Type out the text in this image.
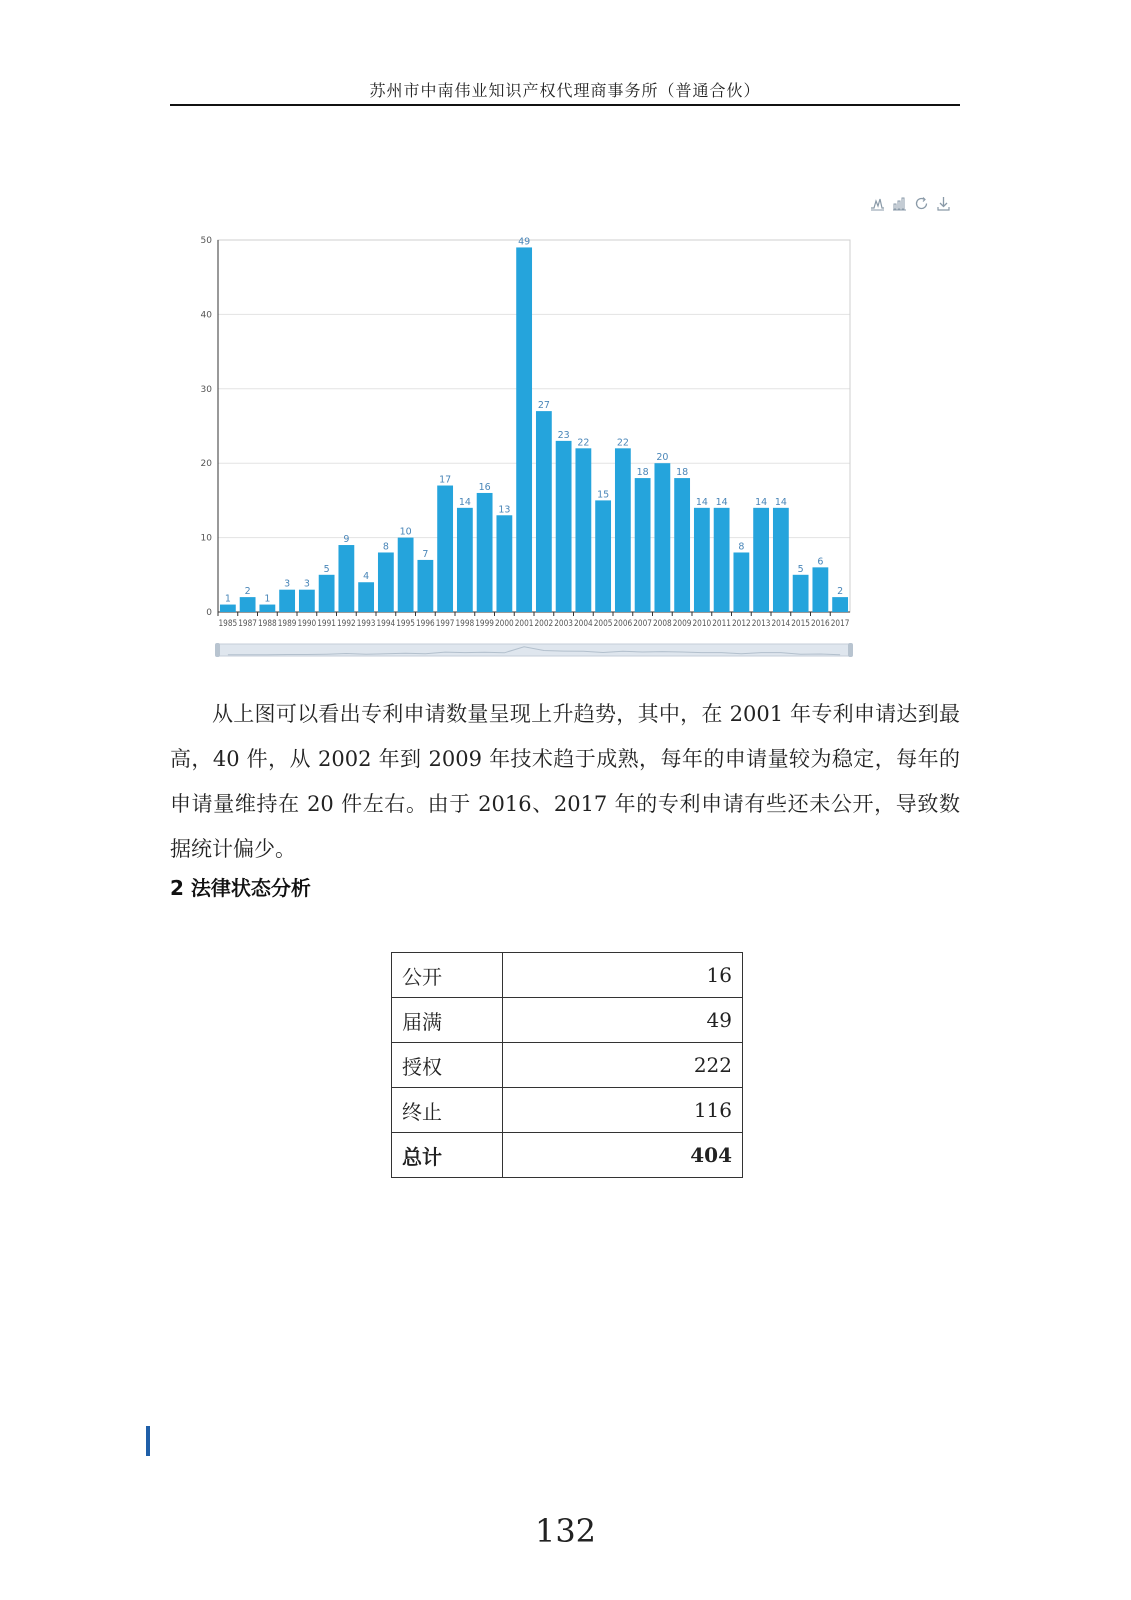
苏州市中南伟业知识产权代理商事务所（普通合伙）
0
10
20
30
40
50
1
1985
2
1987
1
1988
3
1989
3
1990
5
1991
9
1992
4
1993
8
1994
10
1995
7
1996
17
1997
14
1998
16
1999
13
2000
49
2001
27
2002
23
2003
22
2004
15
2005
22
2006
18
2007
20
2008
18
2009
14
2010
14
2011
8
2012
14
2013
14
2014
5
2015
6
2016
2
2017

从上图可以看出专利申请数量呈现上升趋势，其中，在 2001 年专利申请达到最高，40 件，从 2002 年到 2009 年技术趋于成熟，每年的申请量较为稳定，每年的申请量维持在 20 件左右。由于 2016、2017 年的专利申请有些还未公开，导致数据统计偏少。

2 法律状态分析
公开	16
届满	49
授权	222
终止	116
总计	404
132
